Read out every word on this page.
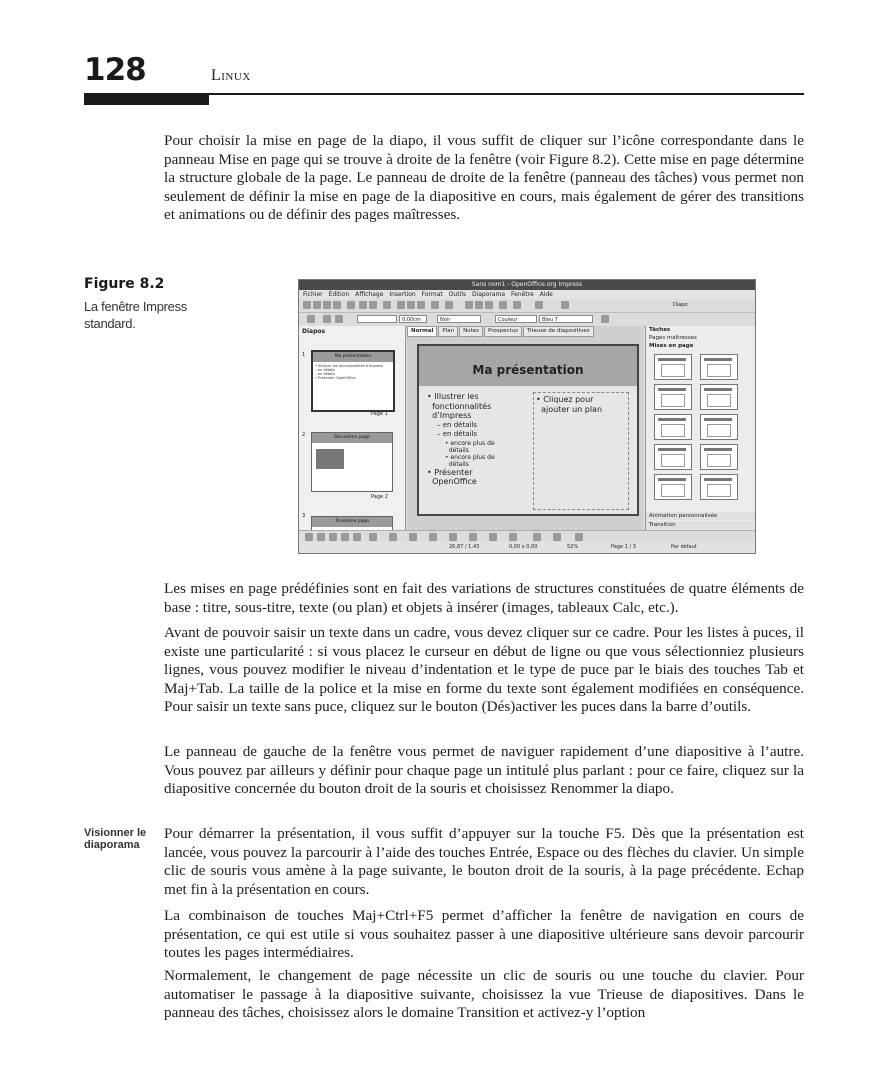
128	Linux
Pour choisir la mise en page de la diapo, il vous suffit de cliquer sur l’icône correspondante dans le panneau Mise en page qui se trouve à droite de la fenêtre (voir Figure 8.2). Cette mise en page détermine la structure globale de la page. Le panneau de droite de la fenêtre (panneau des tâches) vous permet non seulement de définir la mise en page de la diapositive en cours, mais également de gérer des transitions et animations ou de définir des pages maîtresses.
Figure 8.2
La fenêtre Impress standard.
Sans nom1 - OpenOffice.org Impress
Fichier Édition Affichage Insertion Format Outils Diaporama Fenêtre Aide
Diapo
0,00cm	Noir	Couleur	Bleu 7
Diapos
1	Ma présentation
• Illustrer les fonctionnalités d’Impress
– en détails
– en détails
• Présenter OpenOffice
Page 1
2	Deuxième page
Page 2
3
Troisième page
Normal Plan Notes Prospectus Trieuse de diapositives
Ma présentation
• Illustrer les
fonctionnalités
d’Impress
– en détails
– en détails
• encore plus de
détails
• encore plus de
détails
• Présenter
OpenOffice
• Cliquez pour
ajouter un plan
Tâches
Pages maîtresses
Mises en page
Animation personnalisée
Transition
26,87 / 1,43	0,00 x 0,00	52%	Page 1 / 3	Par défaut
Les mises en page prédéfinies sont en fait des variations de structures constituées de quatre éléments de base : titre, sous-titre, texte (ou plan) et objets à insérer (images, tableaux Calc, etc.).
Avant de pouvoir saisir un texte dans un cadre, vous devez cliquer sur ce cadre. Pour les listes à puces, il existe une particularité : si vous placez le curseur en début de ligne ou que vous sélectionniez plusieurs lignes, vous pouvez modifier le niveau d’indentation et le type de puce par le biais des touches Tab et Maj+Tab. La taille de la police et la mise en forme du texte sont également modifiées en conséquence. Pour saisir un texte sans puce, cliquez sur le bouton (Dés)activer les puces dans la barre d’outils.
Le panneau de gauche de la fenêtre vous permet de naviguer rapidement d’une diapositive à l’autre. Vous pouvez par ailleurs y définir pour chaque page un intitulé plus parlant : pour ce faire, cliquez sur la diapositive concernée du bouton droit de la souris et choisissez Renommer la diapo.
Visionner le diaporama
Pour démarrer la présentation, il vous suffit d’appuyer sur la touche F5. Dès que la présentation est lancée, vous pouvez la parcourir à l’aide des touches Entrée, Espace ou des flèches du clavier. Un simple clic de souris vous amène à la page suivante, le bouton droit de la souris, à la page précédente. Echap met fin à la présentation en cours.
La combinaison de touches Maj+Ctrl+F5 permet d’afficher la fenêtre de navigation en cours de présentation, ce qui est utile si vous souhaitez passer à une diapositive ultérieure sans devoir parcourir toutes les pages intermédiaires.
Normalement, le changement de page nécessite un clic de souris ou une touche du clavier. Pour automatiser le passage à la diapositive suivante, choisissez la vue Trieuse de diapositives. Dans le panneau des tâches, choisissez alors le domaine Transition et activez-y l’option
